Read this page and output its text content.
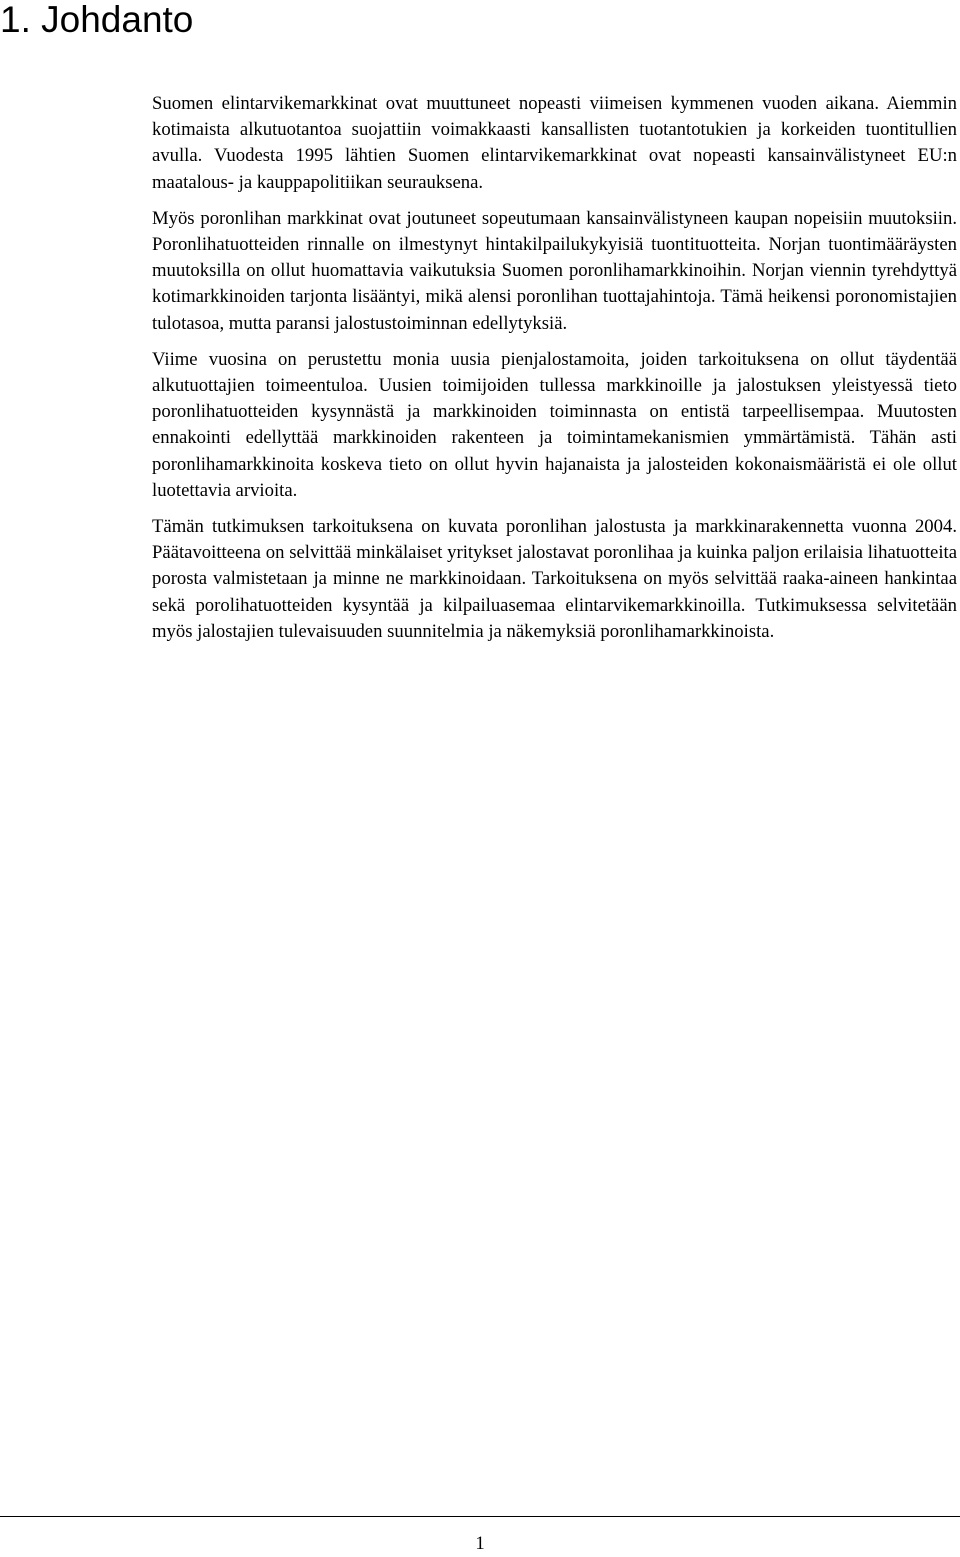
1. Johdanto

Suomen elintarvikemarkkinat ovat muuttuneet nopeasti viimeisen kymmenen vuoden aikana. Aiemmin kotimaista alkutuotantoa suojattiin voimakkaasti kansallisten tuotantotukien ja korkeiden tuontitullien avulla. Vuodesta 1995 lähtien Suomen elintarvikemarkkinat ovat nopeasti kansainvälistyneet EU:n maatalous- ja kauppapolitiikan seurauksena.

Myös poronlihan markkinat ovat joutuneet sopeutumaan kansainvälistyneen kaupan nopeisiin muutoksiin. Poronlihatuotteiden rinnalle on ilmestynyt hintakilpailukykyisiä tuontituotteita. Norjan tuontimääräysten muutoksilla on ollut huomattavia vaikutuksia Suomen poronlihamarkkinoihin. Norjan viennin tyrehdyttyä kotimarkkinoiden tarjonta lisääntyi, mikä alensi poronlihan tuottajahintoja. Tämä heikensi poronomistajien tulotasoa, mutta paransi jalostustoiminnan edellytyksiä.

Viime vuosina on perustettu monia uusia pienjalostamoita, joiden tarkoituksena on ollut täydentää alkutuottajien toimeentuloa. Uusien toimijoiden tullessa markkinoille ja jalostuksen yleistyessä tieto poronlihatuotteiden kysynnästä ja markkinoiden toiminnasta on entistä tarpeellisempaa. Muutosten ennakointi edellyttää markkinoiden rakenteen ja toimintamekanismien ymmärtämistä. Tähän asti poronlihamarkkinoita koskeva tieto on ollut hyvin hajanaista ja jalosteiden kokonaismääristä ei ole ollut luotettavia arvioita.

Tämän tutkimuksen tarkoituksena on kuvata poronlihan jalostusta ja markkinarakennetta vuonna 2004. Päätavoitteena on selvittää minkälaiset yritykset jalostavat poronlihaa ja kuinka paljon erilaisia lihatuotteita porosta valmistetaan ja minne ne markkinoidaan. Tarkoituksena on myös selvittää raaka-aineen hankintaa sekä porolihatuotteiden kysyntää ja kilpailuasemaa elintarvikemarkkinoilla. Tutkimuksessa selvitetään myös jalostajien tulevaisuuden suunnitelmia ja näkemyksiä poronlihamarkkinoista.

1
